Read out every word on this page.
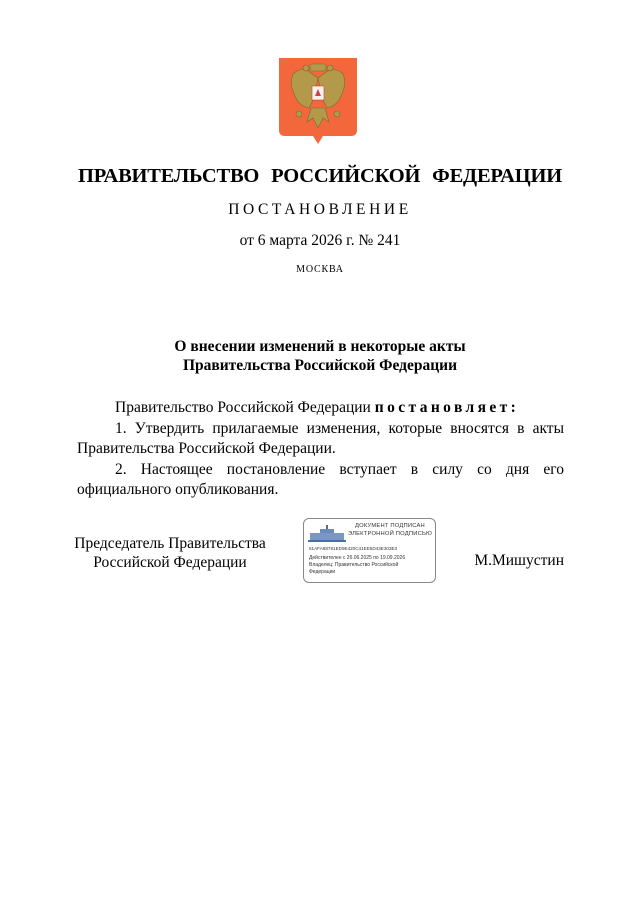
ПРАВИТЕЛЬСТВО РОССИЙСКОЙ ФЕДЕРАЦИИ
ПОСТАНОВЛЕНИЕ
от 6 марта 2026 г. № 241
МОСКВА
О внесении изменений в некоторые акты
Правительства Российской Федерации

Правительство Российской Федерации постановляет:

1. Утвердить прилагаемые изменения, которые вносятся в акты

Правительства Российской Федерации.

2. Настоящее постановление вступает в силу со дня его

официального опубликования.

Председатель Правительства
Российской Федерации
ДОКУМЕНТ ПОДПИСАН
ЭЛЕКТРОННОЙ ПОДПИСЬЮ
51AFA88781ED9E420C41EE5D43E303E3
Действителен с 26.06.2025 по 19.09.2026
Владелец: Правительство Российской
Федерации
М.Мишустин
